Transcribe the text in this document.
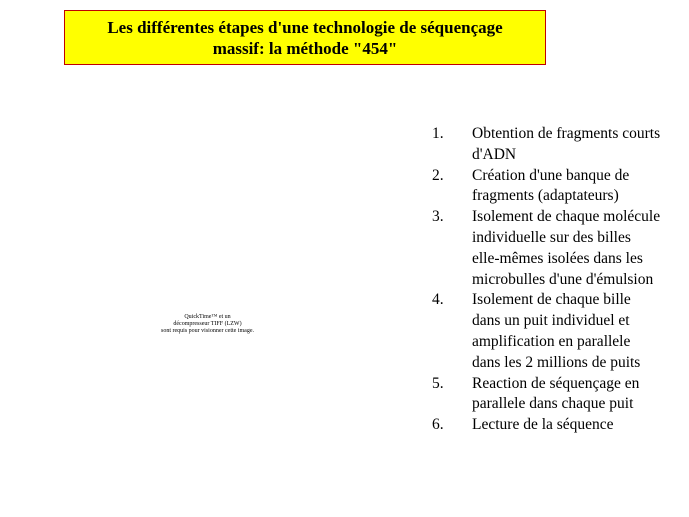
Les différentes étapes d'une technologie de séquençage
massif: la méthode "454"
QuickTime™ et un
décompresseur TIFF (LZW)
sont requis pour visionner cette image.
1.	Obtention de fragments courts
d'ADN
2.	Création d'une banque de
fragments (adaptateurs)
3.	Isolement de chaque molécule
individuelle sur des billes
elle-mêmes isolées dans les
microbulles d'une d'émulsion
4.	Isolement de chaque bille
dans un puit individuel et
amplification en parallele
dans les 2 millions de puits
5.	Reaction de séquençage en
parallele dans chaque puit
6.	Lecture de la séquence
